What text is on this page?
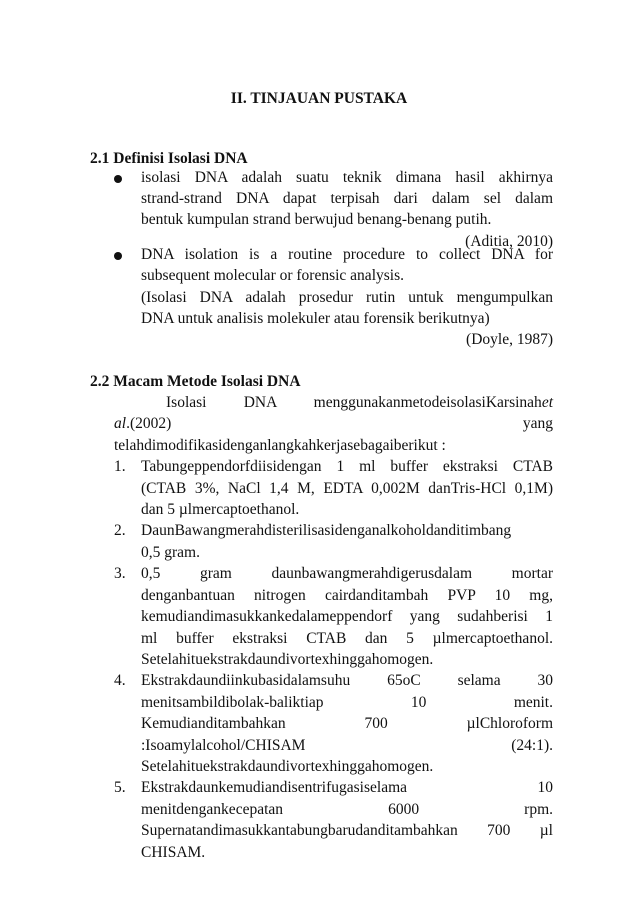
II. TINJAUAN PUSTAKA
2.1 Definisi Isolasi DNA
isolasi DNA adalah suatu teknik dimana hasil akhirnya
strand-strand DNA dapat terpisah dari dalam sel dalam
bentuk kumpulan strand berwujud benang-benang putih.
(Aditia, 2010)
DNA isolation is a routine procedure to collect DNA for
subsequent molecular or forensic analysis.
(Isolasi DNA adalah prosedur rutin untuk mengumpulkan
DNA untuk analisis molekuler atau forensik berikutnya)
(Doyle, 1987)
2.2 Macam Metode Isolasi DNA
Isolasi DNA menggunakanmetodeisolasiKarsinah et
al.(2002)	yang
telahdimodifikasidenganlangkahkerjasebagaiberikut :
1. Tabungeppendorfdiisidengan 1 ml buffer ekstraksi CTAB
(CTAB 3%, NaCl 1,4 M, EDTA 0,002M danTris-HCl 0,1M)
dan 5 µlmercaptoethanol.
2. DaunBawangmerahdisterilisasidenganalkoholdanditimbang
0,5 gram.
3. 0,5 gram daunbawangmerahdigerusdalam mortar
denganbantuan nitrogen cairdanditambah PVP 10 mg,
kemudiandimasukkankedalameppendorf yang sudahberisi 1
ml buffer ekstraksi CTAB dan 5 µlmercaptoethanol.
Setelahituekstrakdaundivortexhinggahomogen.
4. Ekstrakdaundiinkubasidalamsuhu 65oC selama 30
menitsambildibolak-baliktiap 10 menit.
Kemudianditambahkan 700 µlChloroform
:Isoamylalcohol/CHISAM (24:1).
Setelahituekstrakdaundivortexhinggahomogen.
5. Ekstrakdaunkemudiandisentrifugasiselama 10
menitdengankecepatan 6000 rpm.
Supernatandimasukkantabungbarudanditambahkan 700 µl
CHISAM.
